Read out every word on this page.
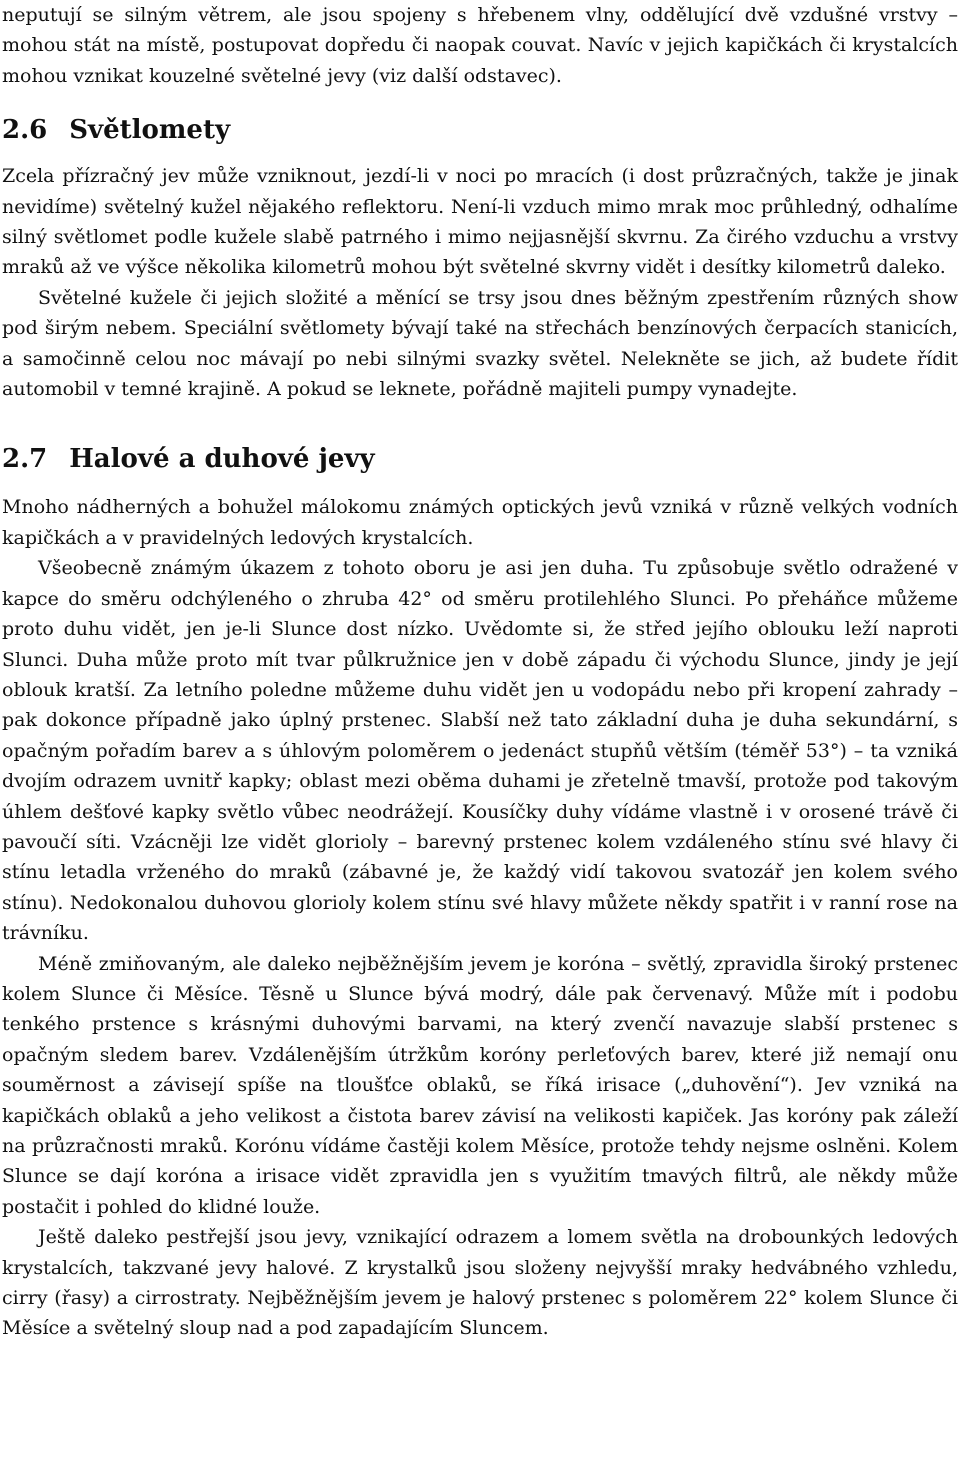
neputují se silným větrem, ale jsou spojeny s hřebenem vlny, oddělující dvě vzdušné vrstvy – mohou stát na místě, postupovat dopředu či naopak couvat. Navíc v jejich kapičkách či krystalcích mohou vznikat kouzelné světelné jevy (viz další odstavec).

2.6 Světlomety

Zcela přízračný jev může vzniknout, jezdí-li v noci po mracích (i dost průzračných, takže je jinak nevidíme) světelný kužel nějakého reflektoru. Není-li vzduch mimo mrak moc průhledný, odhalíme silný světlomet podle kužele slabě patrného i mimo nejjasnější skvrnu. Za čirého vzduchu a vrstvy mraků až ve výšce několika kilometrů mohou být světelné skvrny vidět i desítky kilometrů daleko.

Světelné kužele či jejich složité a měnící se trsy jsou dnes běžným zpestřením různých show pod širým nebem. Speciální světlomety bývají také na střechách benzínových čerpacích stanicích, a samočinně celou noc mávají po nebi silnými svazky světel. Nelekněte se jich, až budete řídit automobil v temné krajině. A pokud se leknete, pořádně majiteli pumpy vynadejte.

2.7 Halové a duhové jevy

Mnoho nádherných a bohužel málokomu známých optických jevů vzniká v různě velkých vodních kapičkách a v pravidelných ledových krystalcích.

Všeobecně známým úkazem z tohoto oboru je asi jen duha. Tu způsobuje světlo odražené v kapce do směru odchýleného o zhruba 42° od směru protilehlého Slunci. Po přeháňce můžeme proto duhu vidět, jen je-li Slunce dost nízko. Uvědomte si, že střed jejího oblouku leží naproti Slunci. Duha může proto mít tvar půlkružnice jen v době západu či východu Slunce, jindy je její oblouk kratší. Za letního poledne můžeme duhu vidět jen u vodopádu nebo při kropení zahrady – pak dokonce případně jako úplný prstenec. Slabší než tato základní duha je duha sekundární, s opačným pořadím barev a s úhlovým poloměrem o jedenáct stupňů větším (téměř 53°) – ta vzniká dvojím odrazem uvnitř kapky; oblast mezi oběma duhami je zřetelně tmavší, protože pod takovým úhlem dešťové kapky světlo vůbec neodrážejí. Kousíčky duhy vídáme vlastně i v orosené trávě či pavoučí síti. Vzácněji lze vidět glorioly – barevný prstenec kolem vzdáleného stínu své hlavy či stínu letadla vrženého do mraků (zábavné je, že každý vidí takovou svatozář jen kolem svého stínu). Nedokonalou duhovou glorioly kolem stínu své hlavy můžete někdy spatřit i v ranní rose na trávníku.

Méně zmiňovaným, ale daleko nejběžnějším jevem je koróna – světlý, zpravidla široký prstenec kolem Slunce či Měsíce. Těsně u Slunce bývá modrý, dále pak červenavý. Může mít i podobu tenkého prstence s krásnými duhovými barvami, na který zvenčí navazuje slabší prstenec s opačným sledem barev. Vzdálenějším útržkům koróny perleťových barev, které již nemají onu souměrnost a závisejí spíše na tloušťce oblaků, se říká irisace („duhovění“). Jev vzniká na kapičkách oblaků a jeho velikost a čistota barev závisí na velikosti kapiček. Jas koróny pak záleží na průzračnosti mraků. Korónu vídáme častěji kolem Měsíce, protože tehdy nejsme oslněni. Kolem Slunce se dají koróna a irisace vidět zpravidla jen s využitím tmavých filtrů, ale někdy může postačit i pohled do klidné louže.

Ještě daleko pestřejší jsou jevy, vznikající odrazem a lomem světla na drobounkých ledových krystalcích, takzvané jevy halové. Z krystalků jsou složeny nejvyšší mraky hedvábného vzhledu, cirry (řasy) a cirrostraty. Nejběžnějším jevem je halový prstenec s poloměrem 22° kolem Slunce či Měsíce a světelný sloup nad a pod zapadajícím Sluncem.
